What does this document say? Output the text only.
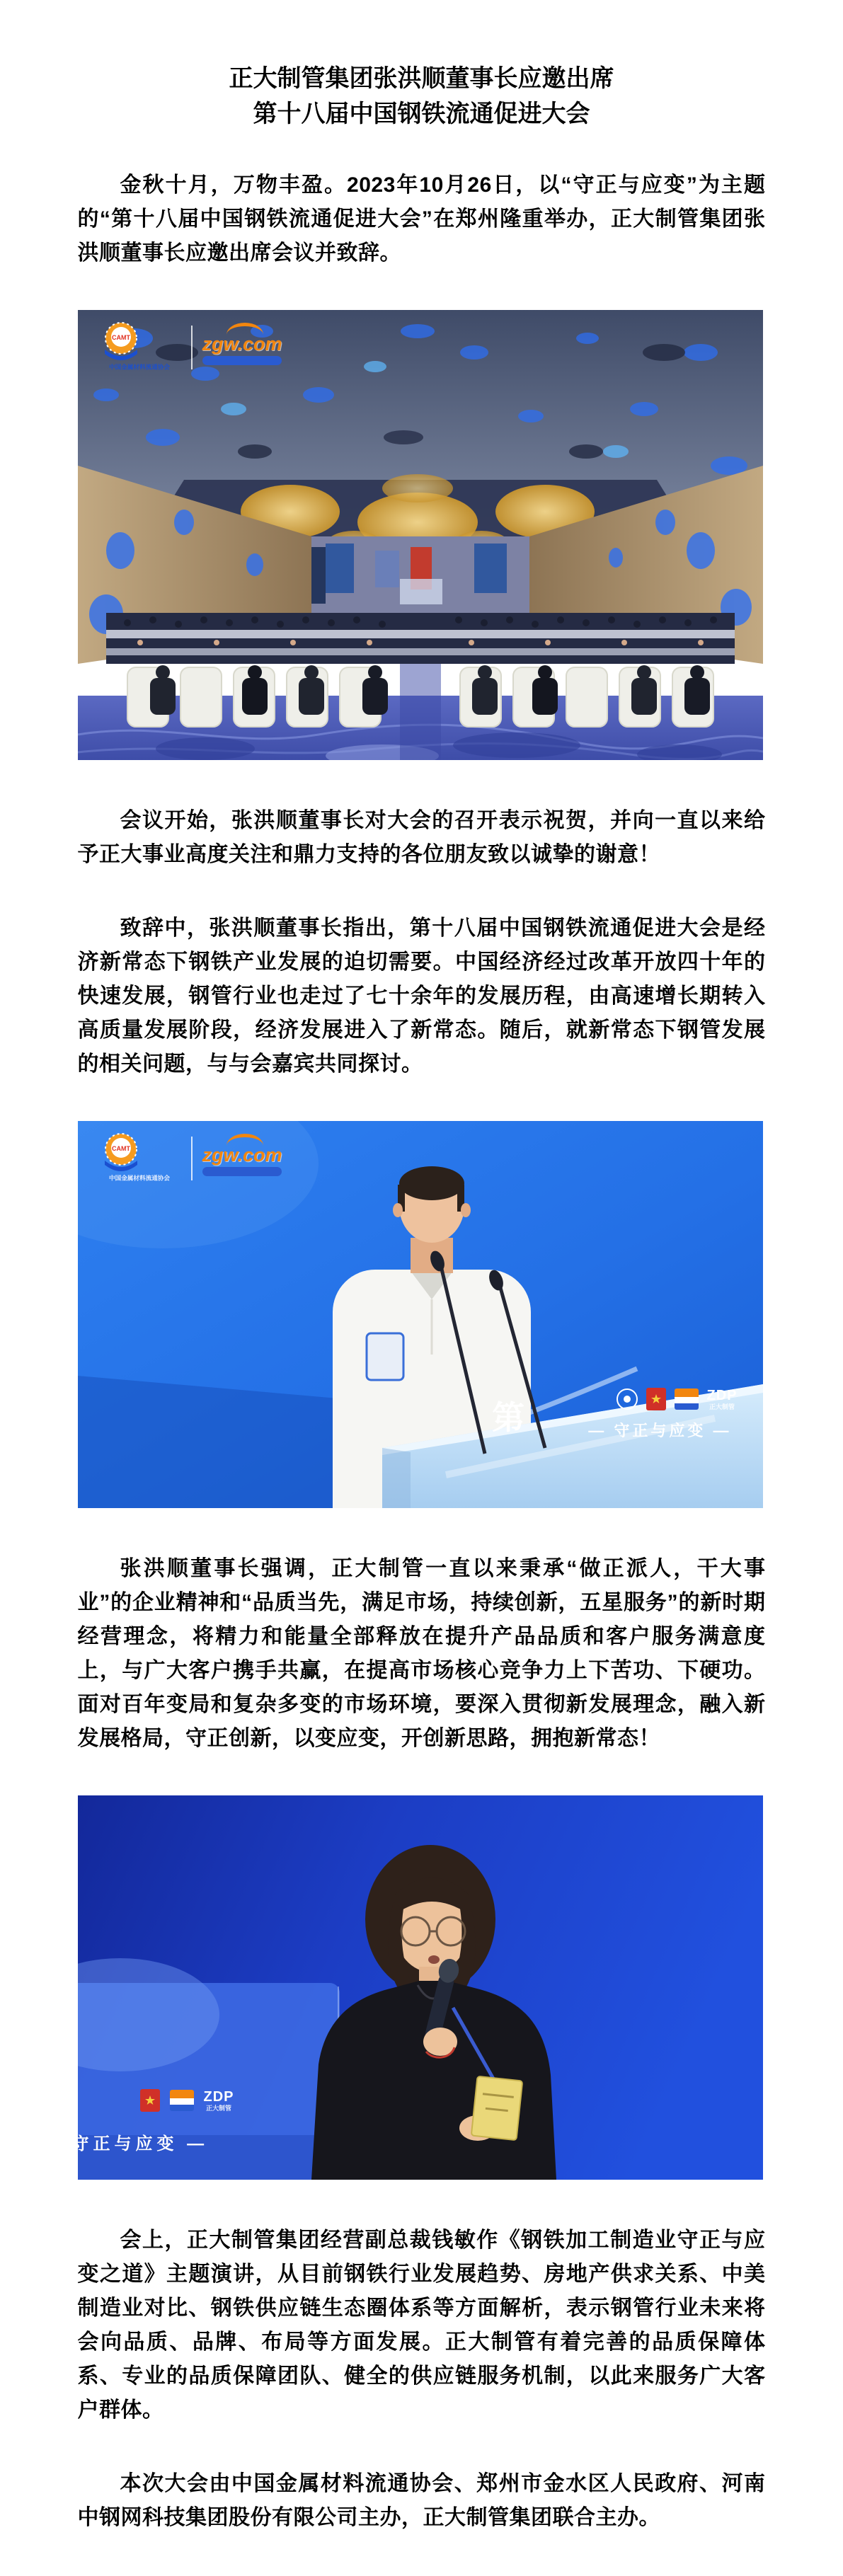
正大制管集团张洪顺董事长应邀出席
第十八届中国钢铁流通促进大会

金秋十月，万物丰盈。2023年10月26日，以“守正与应变”为主题的“第十八届中国钢铁流通促进大会”在郑州隆重举办，正大制管集团张洪顺董事长应邀出席会议并致辞。

CAMT
中国金属材料流通协会
zgw.com

会议开始，张洪顺董事长对大会的召开表示祝贺，并向一直以来给予正大事业高度关注和鼎力支持的各位朋友致以诚挚的谢意！

致辞中，张洪顺董事长指出，第十八届中国钢铁流通促进大会是经济新常态下钢铁产业发展的迫切需要。中国经济经过改革开放四十年的快速发展，钢管行业也走过了七十余年的发展历程，由高速增长期转入高质量发展阶段，经济发展进入了新常态。随后，就新常态下钢管发展的相关问题，与与会嘉宾共同探讨。

CAMT
中国金属材料流通协会
zgw.com
第
ZDP
正大制管
— 守正与应变 —

张洪顺董事长强调，正大制管一直以来秉承“做正派人，干大事业”的企业精神和“品质当先，满足市场，持续创新，五星服务”的新时期经营理念，将精力和能量全部释放在提升产品品质和客户服务满意度上，与广大客户携手共赢，在提高市场核心竞争力上下苦功、下硬功。面对百年变局和复杂多变的市场环境，要深入贯彻新发展理念，融入新发展格局，守正创新，以变应变，开创新思路，拥抱新常态！

ZDP
正大制管
守正与应变 —

会上，正大制管集团经营副总裁钱敏作《钢铁加工制造业守正与应变之道》主题演讲，从目前钢铁行业发展趋势、房地产供求关系、中美制造业对比、钢铁供应链生态圈体系等方面解析，表示钢管行业未来将会向品质、品牌、布局等方面发展。正大制管有着完善的品质保障体系、专业的品质保障团队、健全的供应链服务机制，以此来服务广大客户群体。

本次大会由中国金属材料流通协会、郑州市金水区人民政府、河南中钢网科技集团股份有限公司主办，正大制管集团联合主办。
